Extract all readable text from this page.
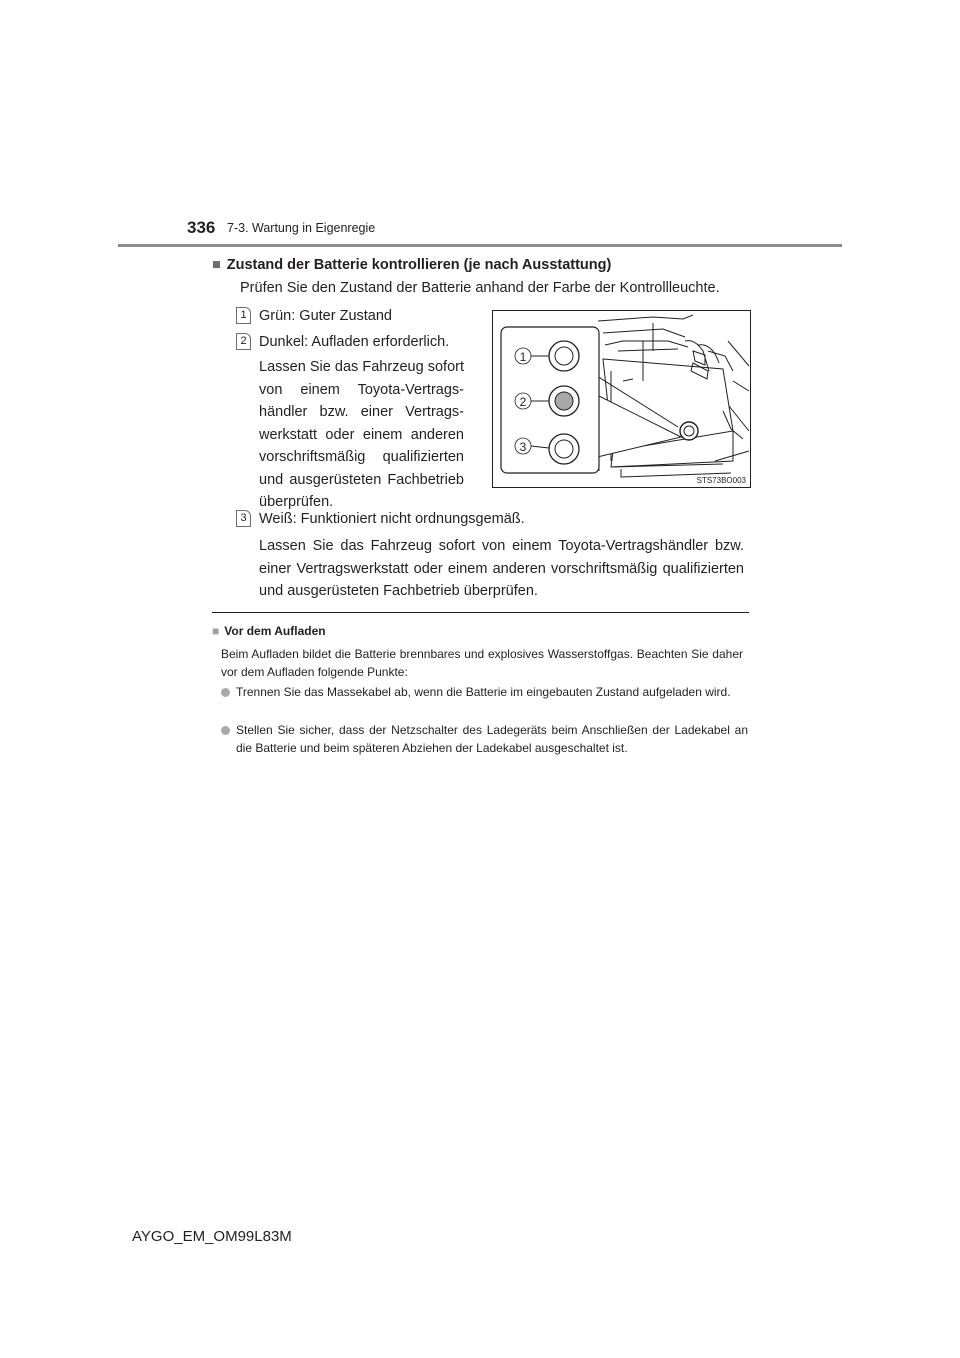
336 7-3. Wartung in Eigenregie
■ Zustand der Batterie kontrollieren (je nach Ausstattung)
Prüfen Sie den Zustand der Batterie anhand der Farbe der Kontrollleuchte.
1 Grün: Guter Zustand
2 Dunkel: Aufladen erforderlich.
Lassen Sie das Fahrzeug sofort von einem Toyota-Vertragshändler bzw. einer Vertragswerkstatt oder einem anderen vorschriftsmäßig qualifizierten und ausgerüsteten Fachbetrieb überprüfen.
3 Weiß: Funktioniert nicht ordnungsgemäß.
Lassen Sie das Fahrzeug sofort von einem Toyota-Vertragshändler bzw. einer Vertragswerkstatt oder einem anderen vorschriftsmäßig qualifizierten und ausgerüsteten Fachbetrieb überprüfen.
1
2
3
STS73BO003
■ Vor dem Aufladen
Beim Aufladen bildet die Batterie brennbares und explosives Wasserstoffgas. Beachten Sie daher vor dem Aufladen folgende Punkte:
Trennen Sie das Massekabel ab, wenn die Batterie im eingebauten Zustand aufgeladen wird.
Stellen Sie sicher, dass der Netzschalter des Ladegeräts beim Anschließen der Ladekabel an die Batterie und beim späteren Abziehen der Ladekabel ausgeschaltet ist.
AYGO_EM_OM99L83M
